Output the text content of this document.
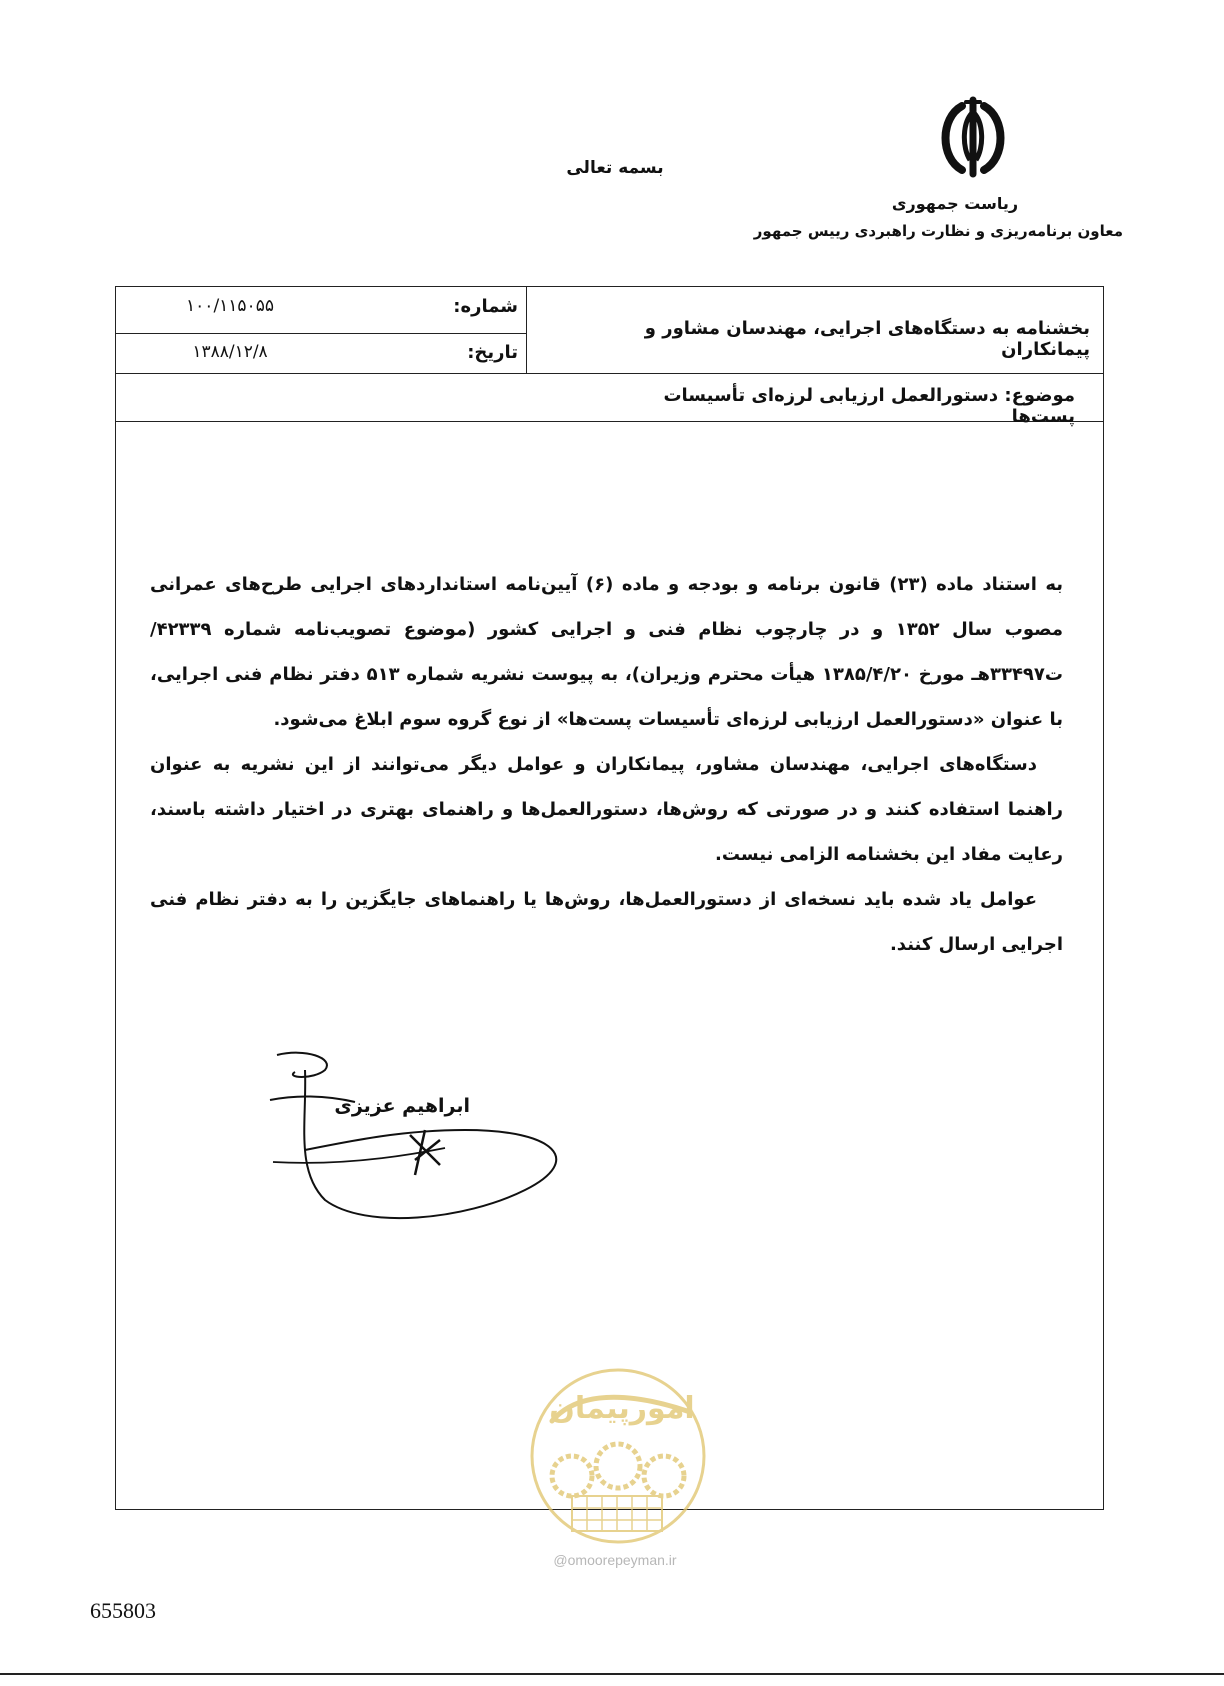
بسمه تعالی
ریاست جمهوری
معاون برنامه‌ریزی و نظارت راهبردی رییس جمهور
۱۰۰/۱۱۵۰۵۵	شماره:
۱۳۸۸/۱۲/۸	تاریخ:
بخشنامه به دستگاه‌های اجرایی، مهندسان مشاور و پیمانکاران
موضوع: دستورالعمل ارزیابی لرزه‌ای تأسیسات پست‌ها

به استناد ماده (۲۳) قانون برنامه و بودجه و ماده (۶) آیین‌نامه استانداردهای اجرایی طرح‌های عمرانی مصوب سال ۱۳۵۲ و در چارچوب نظام فنی و اجرایی کشور (موضوع تصویب‌نامه شماره ۴۲۳۳۹/ت۳۳۴۹۷هـ مورخ ۱۳۸۵/۴/۲۰ هیأت محترم وزیران)، به پیوست نشریه شماره ۵۱۳ دفتر نظام فنی اجرایی، با عنوان «دستورالعمل ارزیابی لرزه‌ای تأسیسات پست‌ها» از نوع گروه سوم ابلاغ می‌شود.

دستگاه‌های اجرایی، مهندسان مشاور، پیمانکاران و عوامل دیگر می‌توانند از این نشریه به عنوان راهنما استفاده کنند و در صورتی که روش‌ها، دستورالعمل‌ها و راهنمای بهتری در اختیار داشته باسند، رعایت مفاد این بخشنامه الزامی نیست.

عوامل یاد شده باید نسخه‌ای از دستورالعمل‌ها، روش‌ها یا راهنماهای جایگزین را به دفتر نظام فنی اجرایی ارسال کنند.

ابراهیم عزیزی
امورپیمان
@omoorepeyman.ir
655803
